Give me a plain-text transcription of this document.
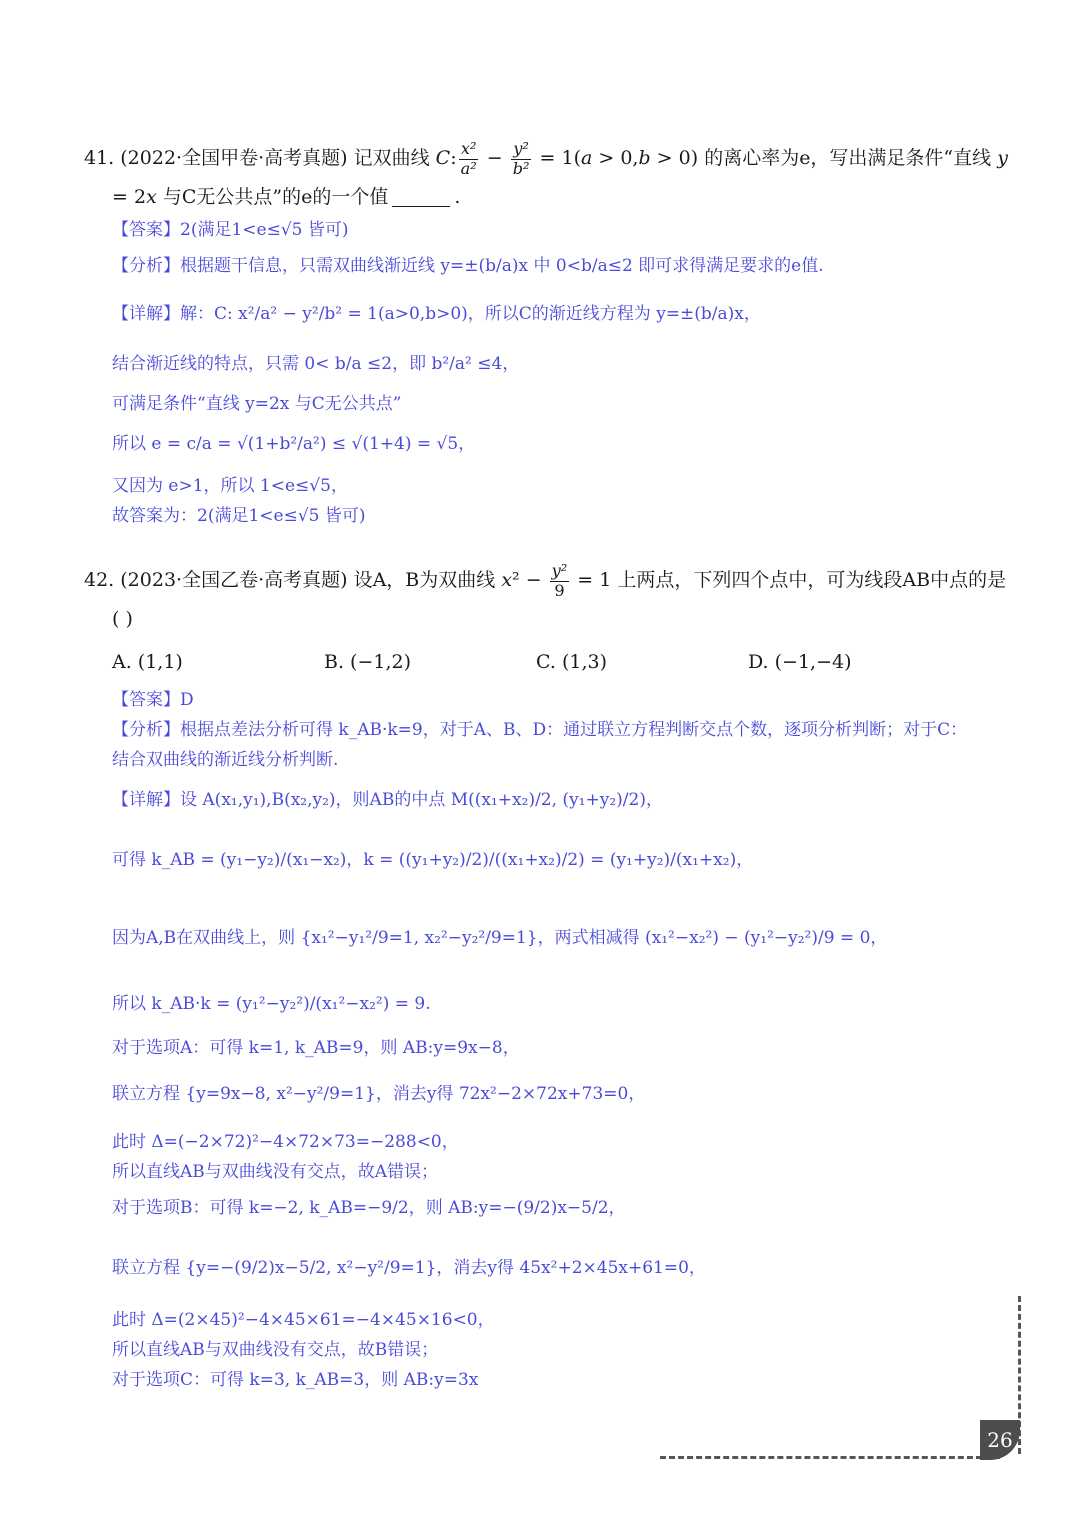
41. (2022·全国甲卷·高考真题) 记双曲线 C: $\frac{\text{x²}}{\text{a²}} - \frac{\text{y²}}{\text{b²}} = 1(a > 0,b > 0)$ 的离心率为e，写出满足条件“直线 y
= 2x 与C无公共点”的e的一个值	.
【答案】2(满足1<e≤√5 皆可)
【分析】根据题干信息，只需双曲线渐近线 y=±(b/a)x 中 0<b/a≤2 即可求得满足要求的e值.
【详解】解：C: x²/a² − y²/b² = 1(a>0,b>0)，所以C的渐近线方程为 y=±(b/a)x，
结合渐近线的特点，只需 0< b/a ≤2，即 b²/a² ≤4，
可满足条件“直线 y=2x 与C无公共点”
所以 e = c/a = √(1+b²/a²) ≤ √(1+4) = √5，
又因为 e>1，所以 1<e≤√5，
故答案为：2(满足1<e≤√5 皆可)
42. (2023·全国乙卷·高考真题) 设A，B为双曲线 $x^2 - \frac{\text{y²}}{9} = 1$ 上两点，下列四个点中，可为线段AB中点的是
( )
A. (1,1)	B. (−1,2)	C. (1,3)	D. (−1,−4)
【答案】D
【分析】根据点差法分析可得 k_AB·k=9，对于A、B、D：通过联立方程判断交点个数，逐项分析判断；对于C：
结合双曲线的渐近线分析判断.
【详解】设 A(x₁,y₁),B(x₂,y₂)，则AB的中点 M((x₁+x₂)/2, (y₁+y₂)/2)，
可得 k_AB = (y₁−y₂)/(x₁−x₂)，k = ((y₁+y₂)/2)/((x₁+x₂)/2) = (y₁+y₂)/(x₁+x₂)，
因为A,B在双曲线上，则 {x₁²−y₁²/9=1, x₂²−y₂²/9=1}，两式相减得 (x₁²−x₂²) − (y₁²−y₂²)/9 = 0，
所以 k_AB·k = (y₁²−y₂²)/(x₁²−x₂²) = 9.
对于选项A：可得 k=1, k_AB=9，则 AB:y=9x−8，
联立方程 {y=9x−8, x²−y²/9=1}，消去y得 72x²−2×72x+73=0，
此时 Δ=(−2×72)²−4×72×73=−288<0，
所以直线AB与双曲线没有交点，故A错误；
对于选项B：可得 k=−2, k_AB=−9/2，则 AB:y=−(9/2)x−5/2，
联立方程 {y=−(9/2)x−5/2, x²−y²/9=1}，消去y得 45x²+2×45x+61=0，
此时 Δ=(2×45)²−4×45×61=−4×45×16<0，
所以直线AB与双曲线没有交点，故B错误；
对于选项C：可得 k=3, k_AB=3，则 AB:y=3x
26
